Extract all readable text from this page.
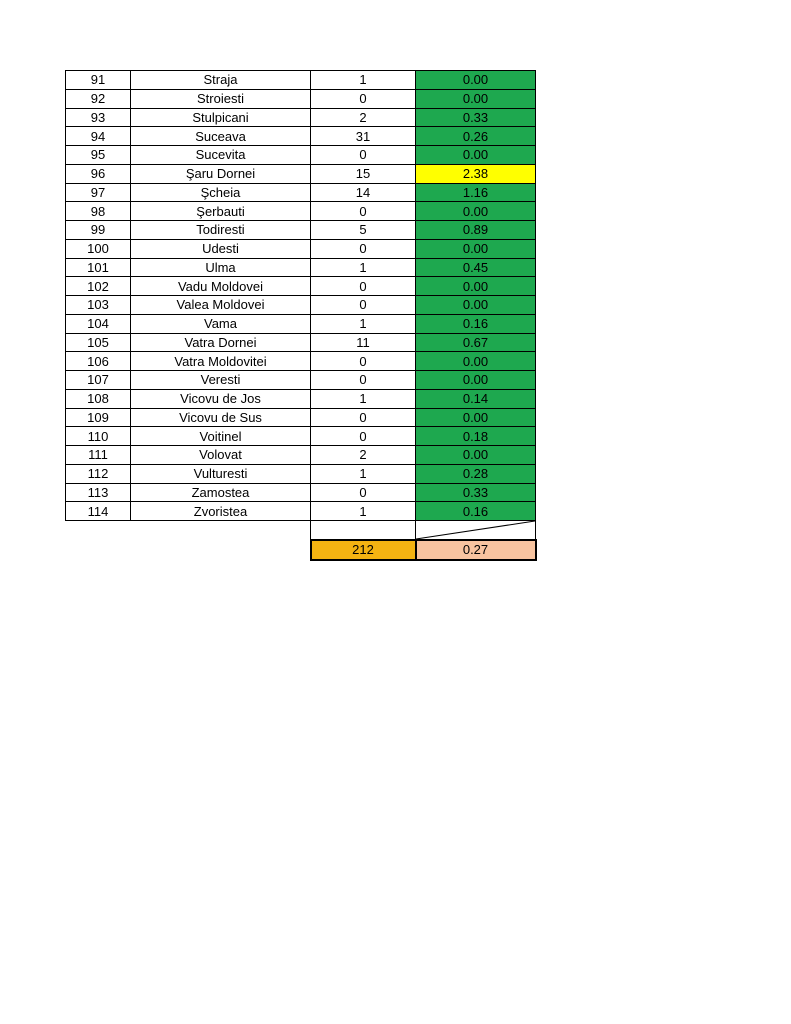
91	Straja	1	0.00
92	Stroiesti	0	0.00
93	Stulpicani	2	0.33
94	Suceava	31	0.26
95	Sucevita	0	0.00
96	Şaru Dornei	15	2.38
97	Şcheia	14	1.16
98	Şerbauti	0	0.00
99	Todiresti	5	0.89
100	Udesti	0	0.00
101	Ulma	1	0.45
102	Vadu Moldovei	0	0.00
103	Valea Moldovei	0	0.00
104	Vama	1	0.16
105	Vatra Dornei	11	0.67
106	Vatra Moldovitei	0	0.00
107	Veresti	0	0.00
108	Vicovu de Jos	1	0.14
109	Vicovu de Sus	0	0.00
110	Voitinel	0	0.18
111	Volovat	2	0.00
112	Vulturesti	1	0.28
113	Zamostea	0	0.33
114	Zvoristea	1	0.16

		212	0.27
